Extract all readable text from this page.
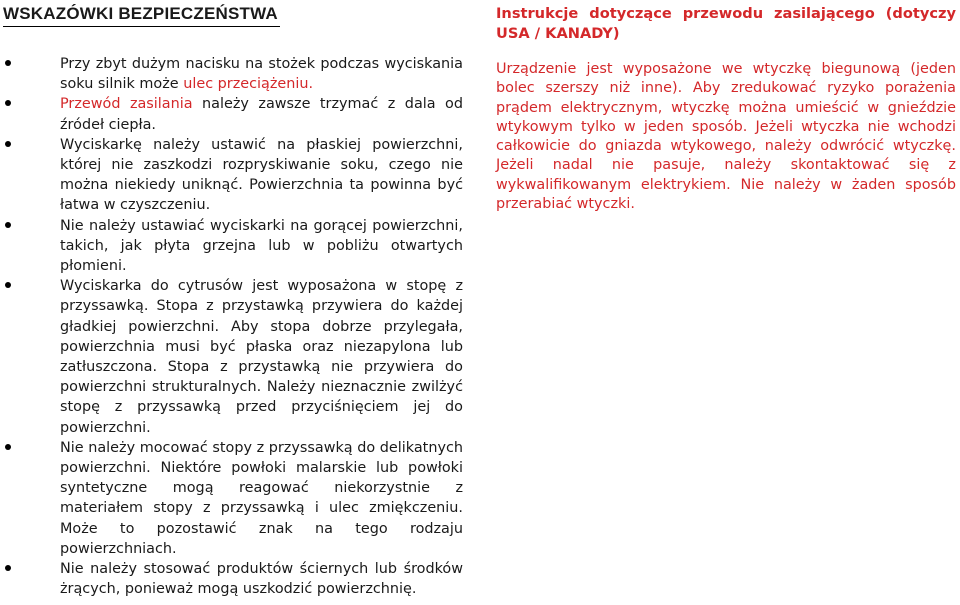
WSKAZÓWKI BEZPIECZEŃSTWA
Przy zbyt dużym nacisku na stożek podczas wyciskania soku silnik może ulec przeciążeniu.
Przewód zasilania należy zawsze trzymać z dala od źródeł ciepła.
Wyciskarkę należy ustawić na płaskiej powierzchni, której nie zaszkodzi rozpryskiwanie soku, czego nie można niekiedy uniknąć. Powierzchnia ta powinna być łatwa w czyszczeniu.
Nie należy ustawiać wyciskarki na gorącej powierzchni, takich, jak płyta grzejna lub w pobliżu otwartych płomieni.
Wyciskarka do cytrusów jest wyposażona w stopę z przyssawką. Stopa z przystawką przywiera do każdej gładkiej powierzchni. Aby stopa dobrze przylegała, powierzchnia musi być płaska oraz niezapylona lub zatłuszczona. Stopa z przystawką nie przywiera do powierzchni strukturalnych. Należy nieznacznie zwilżyć stopę z przyssawką przed przyciśnięciem jej do powierzchni.
Nie należy mocować stopy z przyssawką do delikatnych powierzchni. Niektóre powłoki malarskie lub powłoki syntetyczne mogą reagować niekorzystnie z materiałem stopy z przyssawką i ulec zmiękczeniu. Może to pozostawić znak na tego rodzaju powierzchniach.
Nie należy stosować produktów ściernych lub środków żrących, ponieważ mogą uszkodzić powierzchnię.
Instrukcje dotyczące przewodu zasilającego (dotyczy USA / KANADY)

Urządzenie jest wyposażone we wtyczkę biegunową (jeden bolec szerszy niż inne). Aby zredukować ryzyko porażenia prądem elektrycznym, wtyczkę można umieścić w gnieździe wtykowym tylko w jeden sposób. Jeżeli wtyczka nie wchodzi całkowicie do gniazda wtykowego, należy odwrócić wtyczkę. Jeżeli nadal nie pasuje, należy skontaktować się z wykwalifikowanym elektrykiem. Nie należy w żaden sposób przerabiać wtyczki.
